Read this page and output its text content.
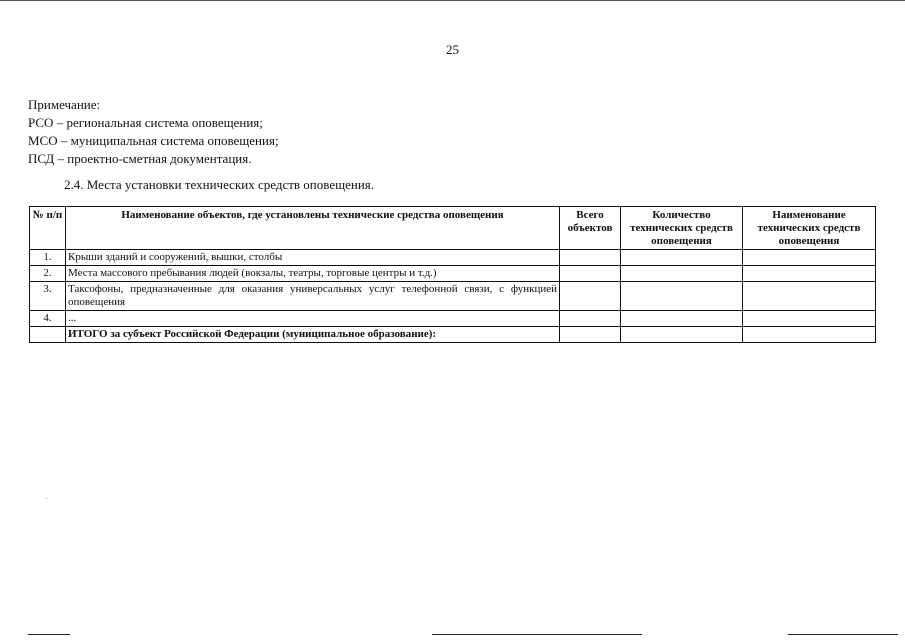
25
Примечание:
РСО – региональная система оповещения;
МСО – муниципальная система оповещения;
ПСД – проектно-сметная документация.
2.4. Места установки технических средств оповещения.
№ п/п	Наименование объектов, где установлены технические средства оповещения	Всего объектов	Количество технических средств оповещения	Наименование технических средств оповещения
1.	Крыши зданий и сооружений, вышки, столбы			
2.	Места массового пребывания людей (вокзалы, театры, торговые центры и т.д.)			
3.	Таксофоны, предназначенные для оказания универсальных услуг телефонной связи, с функцией оповещения			
4.	...			
	ИТОГО за субъект Российской Федерации (муниципальное образование):			
